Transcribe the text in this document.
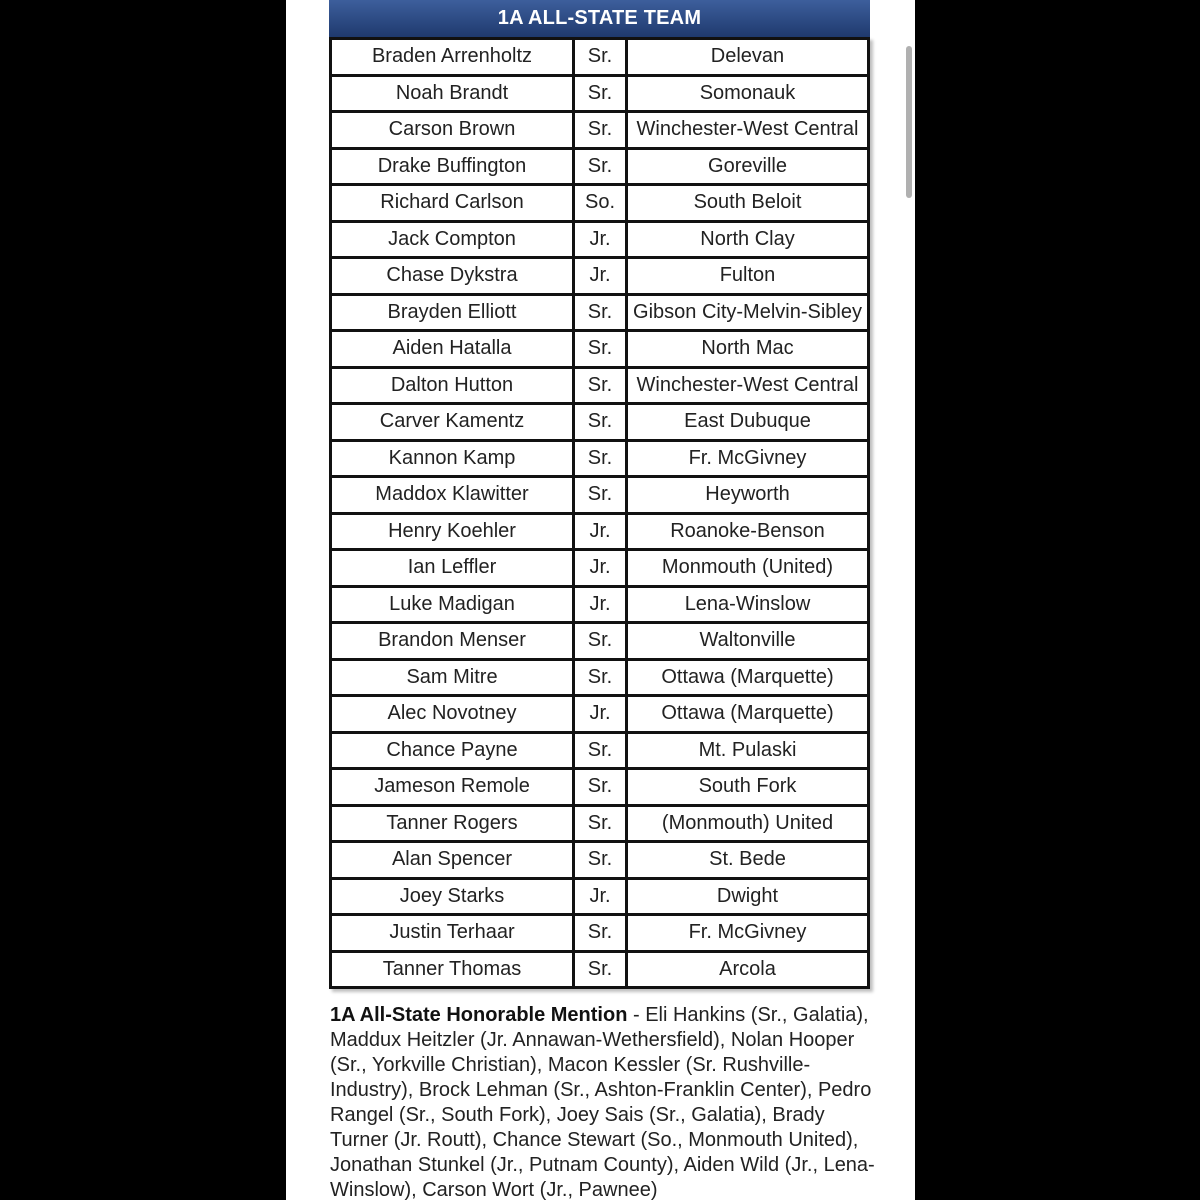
1A ALL-STATE TEAM
Braden Arrenholtz	Sr.	Delevan
Noah Brandt	Sr.	Somonauk
Carson Brown	Sr.	Winchester-West Central
Drake Buffington	Sr.	Goreville
Richard Carlson	So.	South Beloit
Jack Compton	Jr.	North Clay
Chase Dykstra	Jr.	Fulton
Brayden Elliott	Sr.	Gibson City-Melvin-Sibley
Aiden Hatalla	Sr.	North Mac
Dalton Hutton	Sr.	Winchester-West Central
Carver Kamentz	Sr.	East Dubuque
Kannon Kamp	Sr.	Fr. McGivney
Maddox Klawitter	Sr.	Heyworth
Henry Koehler	Jr.	Roanoke-Benson
Ian Leffler	Jr.	Monmouth (United)
Luke Madigan	Jr.	Lena-Winslow
Brandon Menser	Sr.	Waltonville
Sam Mitre	Sr.	Ottawa (Marquette)
Alec Novotney	Jr.	Ottawa (Marquette)
Chance Payne	Sr.	Mt. Pulaski
Jameson Remole	Sr.	South Fork
Tanner Rogers	Sr.	(Monmouth) United
Alan Spencer	Sr.	St. Bede
Joey Starks	Jr.	Dwight
Justin Terhaar	Sr.	Fr. McGivney
Tanner Thomas	Sr.	Arcola
1A All-State Honorable Mention - Eli Hankins (Sr., Galatia), Maddux Heitzler (Jr. Annawan-Wethersfield), Nolan Hooper (Sr., Yorkville Christian), Macon Kessler (Sr. Rushville-Industry), Brock Lehman (Sr., Ashton-Franklin Center), Pedro Rangel (Sr., South Fork), Joey Sais (Sr., Galatia), Brady Turner (Jr. Routt), Chance Stewart (So., Monmouth United), Jonathan Stunkel (Jr., Putnam County), Aiden Wild (Jr., Lena-Winslow), Carson Wort (Jr., Pawnee)
